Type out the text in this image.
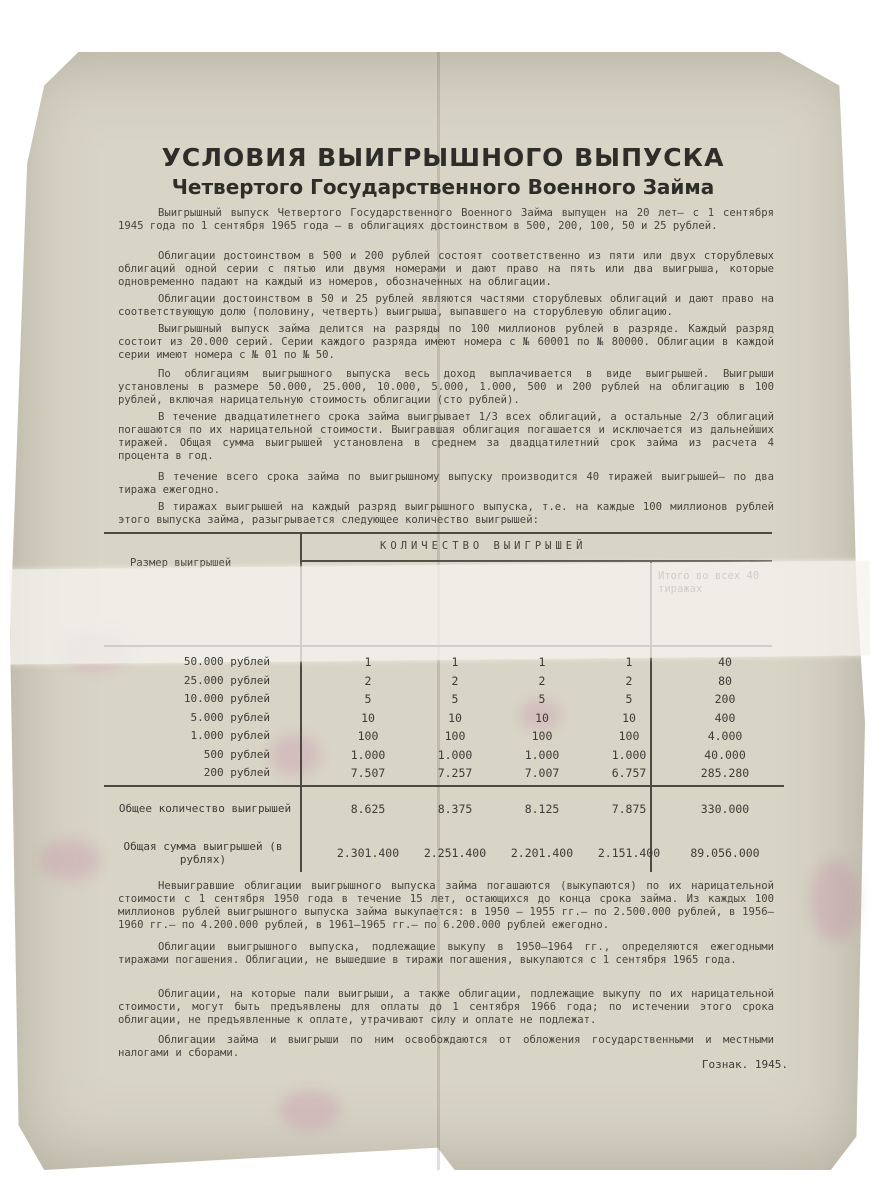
УСЛОВИЯ ВЫИГРЫШНОГО ВЫПУСКА
Четвертого Государственного Военного Займа

Выигрышный выпуск Четвертого Государственного Военного Займа выпущен на 20 лет— с 1 сентября 1945 года по 1 сентября 1965 года — в облигациях достоинством в 500, 200, 100, 50 и 25 рублей.

Облигации достоинством в 500 и 200 рублей состоят соответственно из пяти или двух сторублевых облигаций одной серии с пятью или двумя номерами и дают право на пять или два выигрыша, которые одновременно падают на каждый из номеров, обозначенных на облигации.

Облигации достоинством в 50 и 25 рублей являются частями сторублевых облигаций и дают право на соответствующую долю (половину, четверть) выигрыша, выпавшего на сторублевую облигацию.

Выигрышный выпуск займа делится на разряды по 100 миллионов рублей в разряде. Каждый разряд состоит из 20.000 серий. Серии каждого разряда имеют номера с № 60001 по № 80000. Облигации в каждой серии имеют номера с № 01 по № 50.

По облигациям выигрышного выпуска весь доход выплачивается в виде выигрышей. Выигрыши установлены в размере 50.000, 25.000, 10.000, 5.000, 1.000, 500 и 200 рублей на облигацию в 100 рублей, включая нарицательную стоимость облигации (сто рублей).

В течение двадцатилетнего срока займа выигрывает 1/3 всех облигаций, а остальные 2/3 облигаций погашаются по их нарицательной стоимости. Выигравшая облигация погашается и исключается из дальнейших тиражей. Общая сумма выигрышей установлена в среднем за двадцатилетний срок займа из расчета 4 процента в год.

В течение всего срока займа по выигрышному выпуску производится 40 тиражей выигрышей— по два тиража ежегодно.

В тиражах выигрышей на каждый разряд выигрышного выпуска, т.е. на каждые 100 миллионов рублей этого выпуска займа, разыгрывается следующее количество выигрышей:

Размер выигрышей
КОЛИЧЕСТВО ВЫИГРЫШЕЙ
50.000 рублей	1	1	1	1	40
25.000 рублей	2	2	2	2	80
10.000 рублей	5	5	5	5	200
5.000 рублей	10	10	10	10	400
1.000 рублей	100	100	100	100	4.000
500 рублей	1.000	1.000	1.000	1.000	40.000
200 рублей	7.507	7.257	7.007	6.757	285.280
Общее количество выигрышей	8.625	8.375	8.125	7.875	330.000
Общая сумма выигрышей (в рублях)	2.301.400	2.251.400	2.201.400	2.151.400	89.056.000

Невыигравшие облигации выигрышного выпуска займа погашаются (выкупаются) по их нарицательной стоимости с 1 сентября 1950 года в течение 15 лет, остающихся до конца срока займа. Из каждых 100 миллионов рублей выигрышного выпуска займа выкупается: в 1950 — 1955 гг.— по 2.500.000 рублей, в 1956—1960 гг.— по 4.200.000 рублей, в 1961—1965 гг.— по 6.200.000 рублей ежегодно.

Облигации выигрышного выпуска, подлежащие выкупу в 1950—1964 гг., определяются ежегодными тиражами погашения. Облигации, не вышедшие в тиражи погашения, выкупаются с 1 сентября 1965 года.

Облигации, на которые пали выигрыши, а также облигации, подлежащие выкупу по их нарицательной стоимости, могут быть предъявлены для оплаты до 1 сентября 1966 года; по истечении этого срока облигации, не предъявленные к оплате, утрачивают силу и оплате не подлежат.

Облигации займа и выигрыши по ним освобождаются от обложения государственными и местными налогами и сборами.

Гознак. 1945.
